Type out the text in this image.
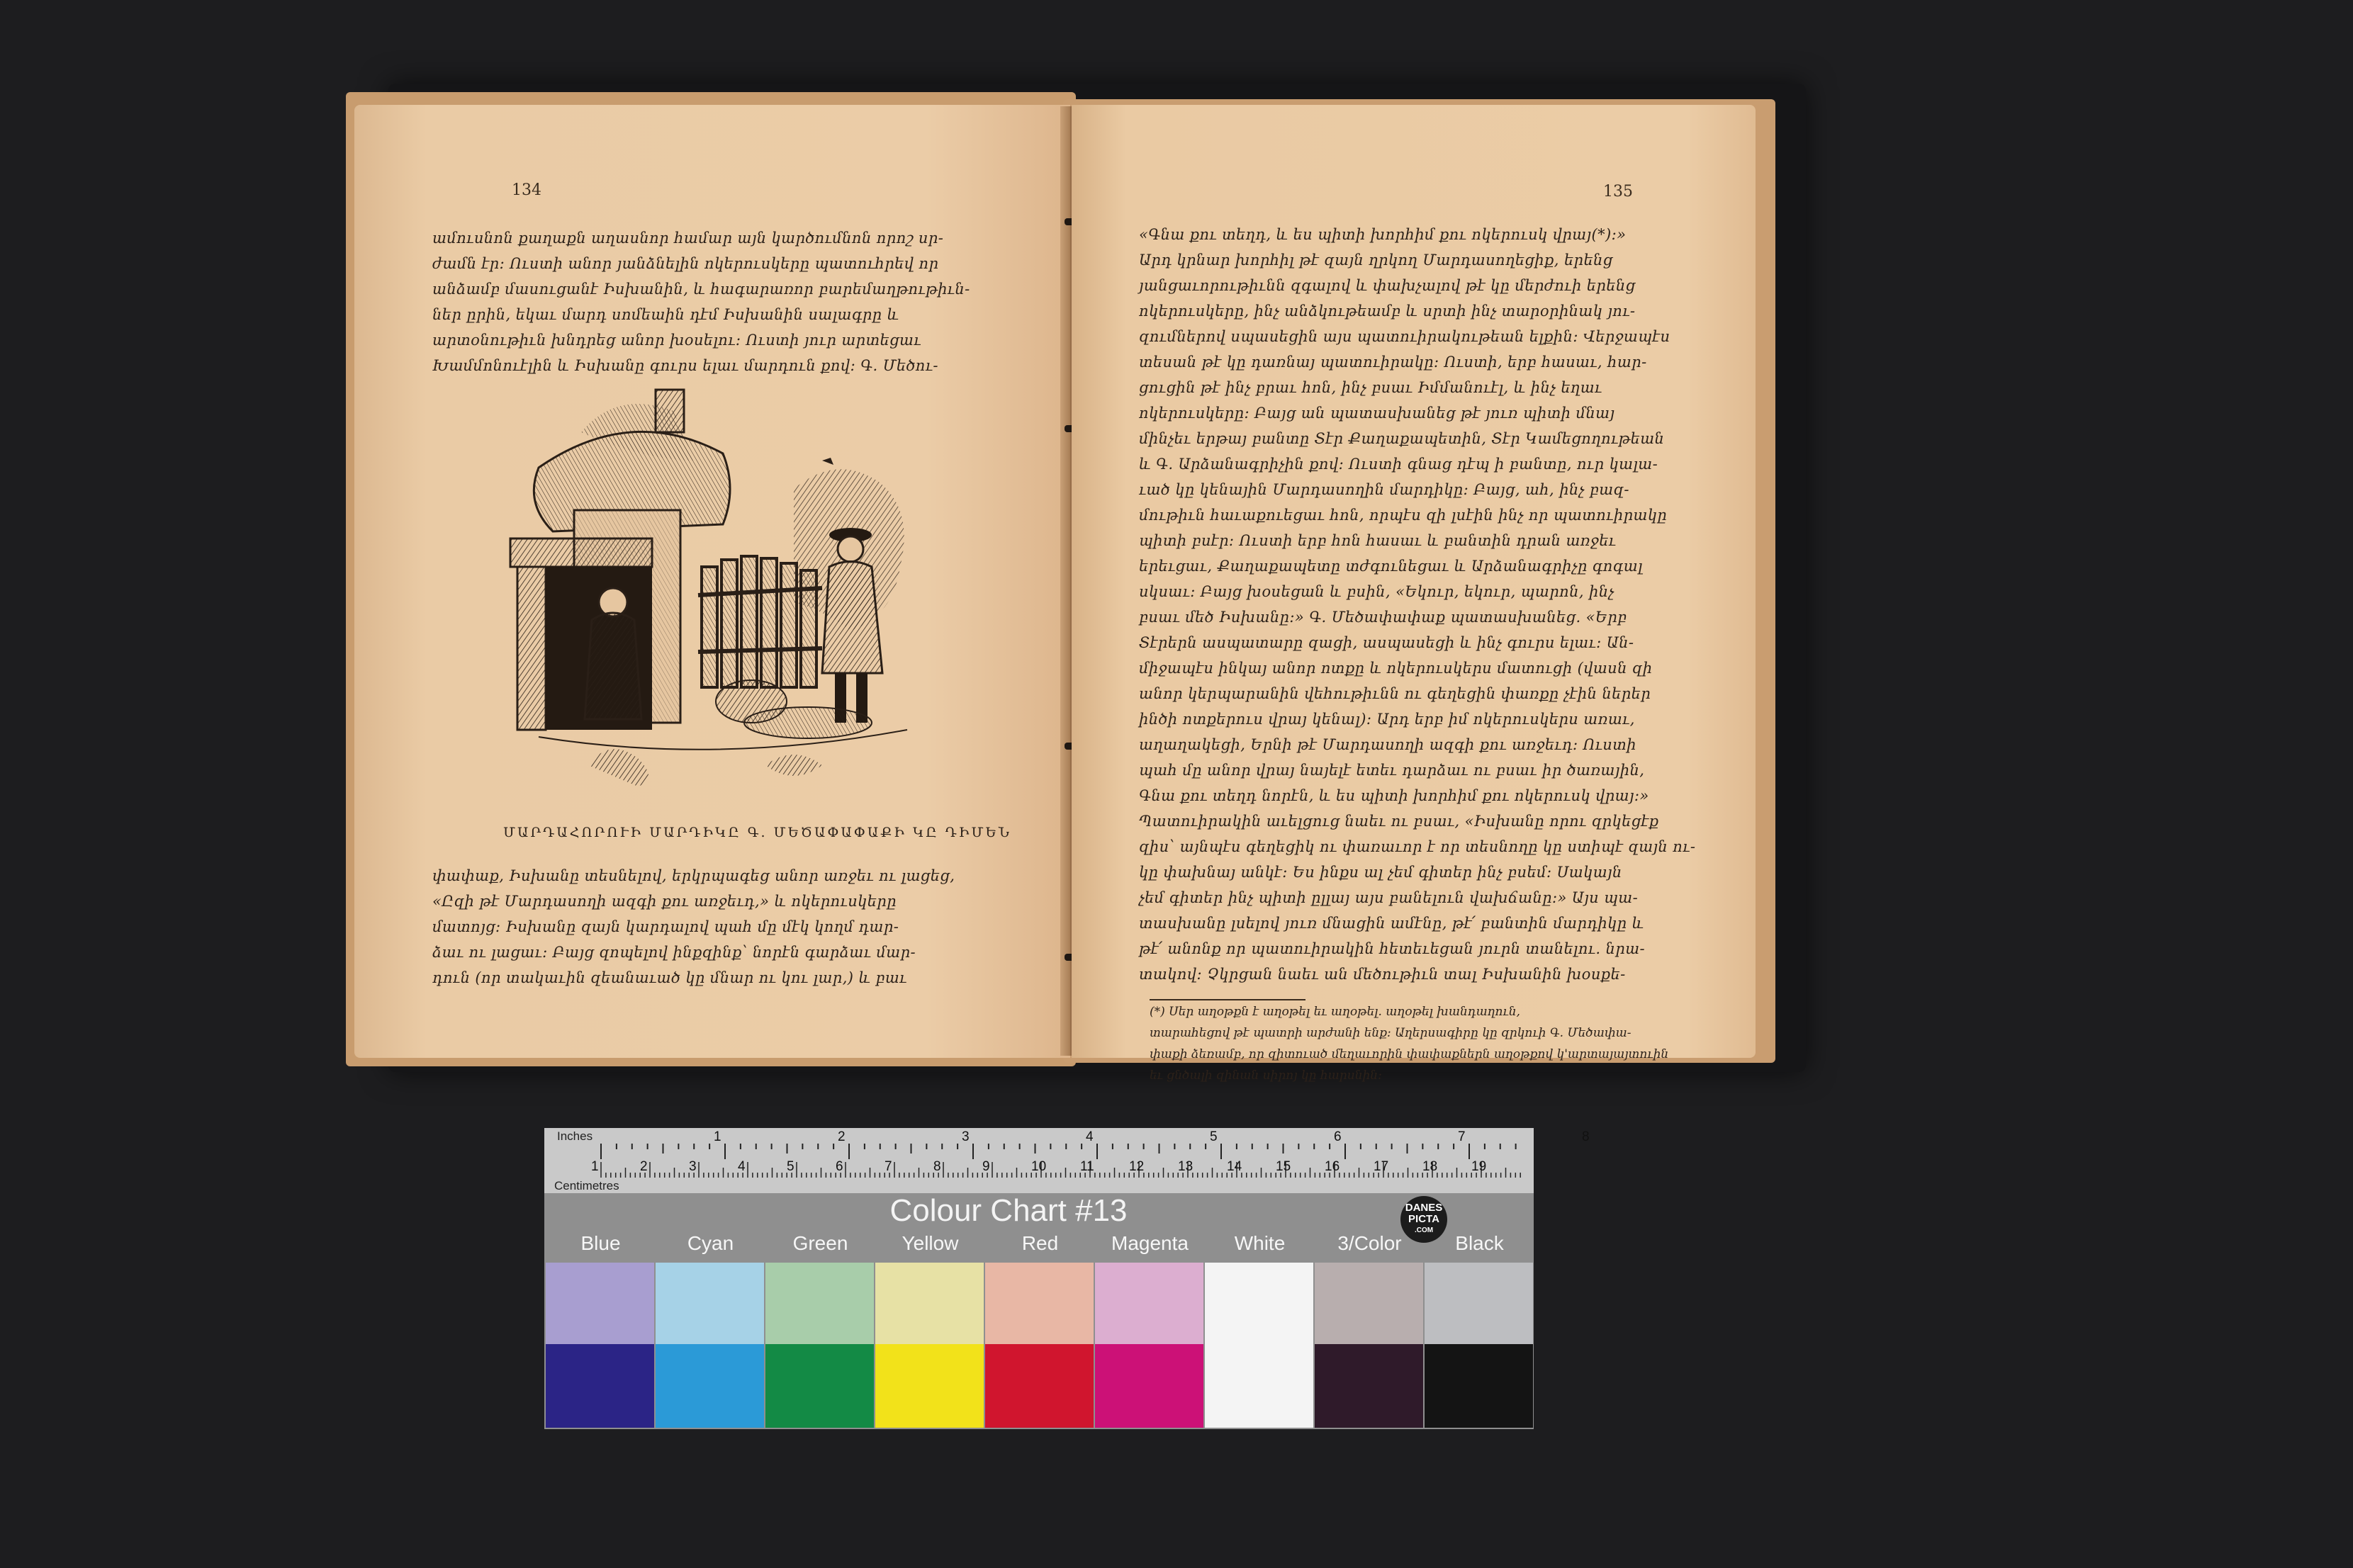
134
ամուսնոն քաղաքն աղասնոր համար այն կարծումնոն որոշ սր-
ժամն էր։ Ուստի անոր յանձնելին ոկերուսկերը պատուհրեվ որ
անձամբ մասուցանէ Իսխանին, և հագարառոր բարեմաղթութիւն-
ներ ըրին, եկաւ մարդ սոմեաին դէմ Իսխանին սալագրը և
արտօնութիւն խնդրեց անոր խօսելու։ Ուստի յուր արտեցաւ
Խամմոնուէլին և Իսխանը գուրս ելաւ մարդուն քով։ Գ. Մեծու-
ՄԱՐԴԱՀՈՐՈՒԻ ՄԱՐԴԻԿԸ Գ. ՄԵԾԱՓԱՓԱՔԻ ԿԸ ԴԻՄԵՆ
փափաք, Իսխանը տեսնելով, երկրպագեց անոր առջեւ ու լացեց,
«Ըզի թէ Մարդասողի ազգի քու առջեւդ,» և ոկերուսկերը
մատոյց։ Իսխանը զայն կարդալով պահ մը մէկ կողմ դար-
ձաւ ու լացաւ։ Բայց զոպելով ինքզինք՝ նորէն գարձաւ մար-
դուն (որ տակաւին զեանաւած կը մնար ու կու լար,) և բաւ
135
«Գնա քու տեղդ, և ես պիտի խորհիմ քու ոկերուսկ վրայ(*)։»
Արդ կրնար խորհիլ թէ զայն ղրկող Մարդասողեցիք, երենց
յանցաւորութիւնն զգալով և փախչալով թէ կը մերժուի երենց
ոկերուսկերը, ինչ անձկութեամբ և սրտի ինչ տարօրինակ յու-
զումներով սպասեցին այս պատուիրակութեան ելքին։ Վերջապէս
տեսան թէ կը դառնայ պատուիրակը։ Ուստի, երբ հասաւ, հար-
ցուցին թէ ինչ բրաւ հոն, ինչ բսաւ Իմմանուէլ, և ինչ եղաւ
ոկերուսկերը։ Բայց ան պատասխանեց թէ յուռ պիտի մնայ
մինչեւ երթայ բանտը Տէր Քաղաքապետին, Տէր Կամեցողութեան
և Գ. Արձանագրիչին քով։ Ուստի գնաց դէպ ի բանտը, ուր կալա-
ւած կը կենային Մարդասողին մարդիկը։ Բայց, ահ, ինչ բազ-
մութիւն հաւաքուեցաւ հոն, որպէս զի լսէին ինչ որ պատուիրակը
պիտի բսէր։ Ուստի երբ հոն հասաւ և բանտին դրան առջեւ
երեւցաւ, Քաղաքապետը տժգունեցաւ և Արձանագրիչը գոգալ
սկսաւ։ Բայց խօսեցան և բսին, «Եկուր, եկուր, պարոն, ինչ
բսաւ մեծ Իսխանը։» Գ. Մեծափափաք պատասխանեց. «Երբ
Տէրերն ասպատարը զացի, ասպասեցի և ինչ գուրս ելաւ։ Ան-
միջապէս ինկայ անոր ոտքը և ոկերուսկերս մատուցի (վասն զի
անոր կերպարանին վեհութիւնն ու գեղեցին փառքը չէին ներեր
ինծի ոտքերուս վրայ կենալ)։ Արդ երբ իմ ոկերուսկերս առաւ,
աղաղակեցի, Երնի թէ Մարդասողի ազգի քու առջեւդ։ Ուստի
պահ մը անոր վրայ նայելէ ետեւ դարձաւ ու բսաւ իր ծառային,
Գնա քու տեղդ նորէն, և ես պիտի խորհիմ քու ոկերուսկ վրայ։»
Պատուիրակին աւելցուց նաեւ ու բսաւ, «Իսխանը որու զրկեցէք
զիս՝ այնպէս գեղեցիկ ու փառաւոր է որ տեսնողը կը ստիպէ զայն ու-
կը փախնայ անկէ։ Ես ինքս ալ չեմ գիտեր ինչ բսեմ։ Սակայն
չեմ գիտեր ինչ պիտի ըլլայ այս բանելուն վախճանը։» Այս պա-
տասխանը լսելով յուռ մնացին ամէնը, թէ՛ բանտին մարդիկը և
թէ՛ անոնք որ պատուիրակին հետեւեցան յուրն տանելու. նրա-
տակով։ Չկրցան նաեւ ան մեծութիւն տալ Իսխանին խօսքե-
(*) Սեր աղօթքն է աղօթել եւ աղօթել. աղօթել խանդաղուն,
տարահեցով թէ պատրի արժանի ենք: Աղերսագիրը կը զրկուի Գ. Մեծափա-
փաքի ձեռամբ, որ զիտուած մեղաւորին փափաքներն աղօթքով կ'արտայայտուին
եւ ցնծալի զինան սիրոյ կը հարսնին:
Inches
Centimetres
1	2	3	4	5	6	7	8
1	2	3	4	5	6	7	8	9	10	11	12	13	14	15	16	17	18	19
Colour Chart #13	DANES
PICTA
.COM
Blue	Cyan	Green	Yellow	Red	Magenta	White	3/Color	Black
